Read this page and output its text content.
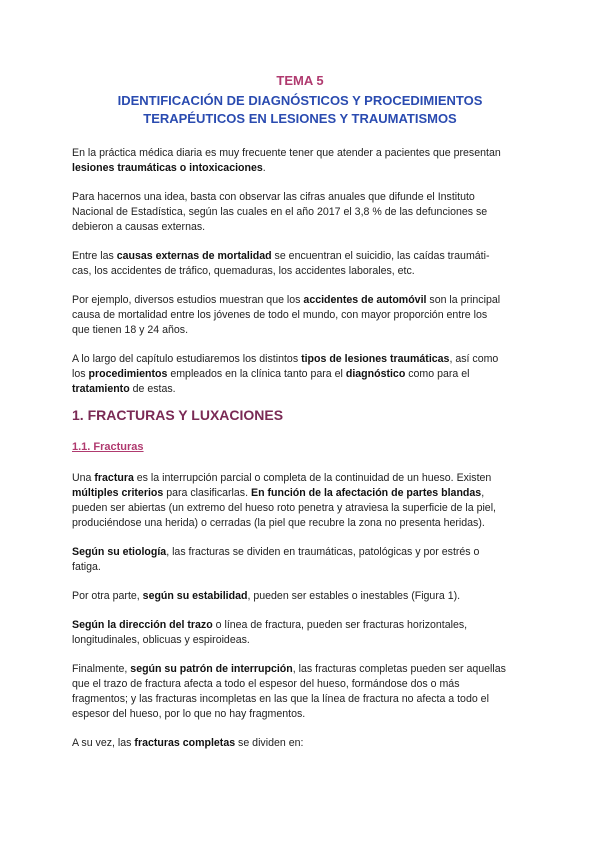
TEMA 5

IDENTIFICACIÓN DE DIAGNÓSTICOS Y PROCEDIMIENTOS
TERAPÉUTICOS EN LESIONES Y TRAUMATISMOS

En la práctica médica diaria es muy frecuente tener que atender a pacientes que presentan

lesiones traumáticas o intoxicaciones.

Para hacernos una idea, basta con observar las cifras anuales que difunde el Instituto

Nacional de Estadística, según las cuales en el año 2017 el 3,8 % de las defunciones se

debieron a causas externas.

Entre las causas externas de mortalidad se encuentran el suicidio, las caídas traumáti-

cas, los accidentes de tráfico, quemaduras, los accidentes laborales, etc.

Por ejemplo, diversos estudios muestran que los accidentes de automóvil son la principal

causa de mortalidad entre los jóvenes de todo el mundo, con mayor proporción entre los

que tienen 18 y 24 años.

A lo largo del capítulo estudiaremos los distintos tipos de lesiones traumáticas, así como

los procedimientos empleados en la clínica tanto para el diagnóstico como para el

tratamiento de estas.

1. FRACTURAS Y LUXACIONES
1.1. Fracturas

Una fractura es la interrupción parcial o completa de la continuidad de un hueso. Existen

múltiples criterios para clasificarlas. En función de la afectación de partes blandas,

pueden ser abiertas (un extremo del hueso roto penetra y atraviesa la superficie de la piel,

produciéndose una herida) o cerradas (la piel que recubre la zona no presenta heridas).

Según su etiología, las fracturas se dividen en traumáticas, patológicas y por estrés o

fatiga.

Por otra parte, según su estabilidad, pueden ser estables o inestables (Figura 1).

Según la dirección del trazo o línea de fractura, pueden ser fracturas horizontales,

longitudinales, oblicuas y espiroideas.

Finalmente, según su patrón de interrupción, las fracturas completas pueden ser aquellas

que el trazo de fractura afecta a todo el espesor del hueso, formándose dos o más

fragmentos; y las fracturas incompletas en las que la línea de fractura no afecta a todo el

espesor del hueso, por lo que no hay fragmentos.

A su vez, las fracturas completas se dividen en:
